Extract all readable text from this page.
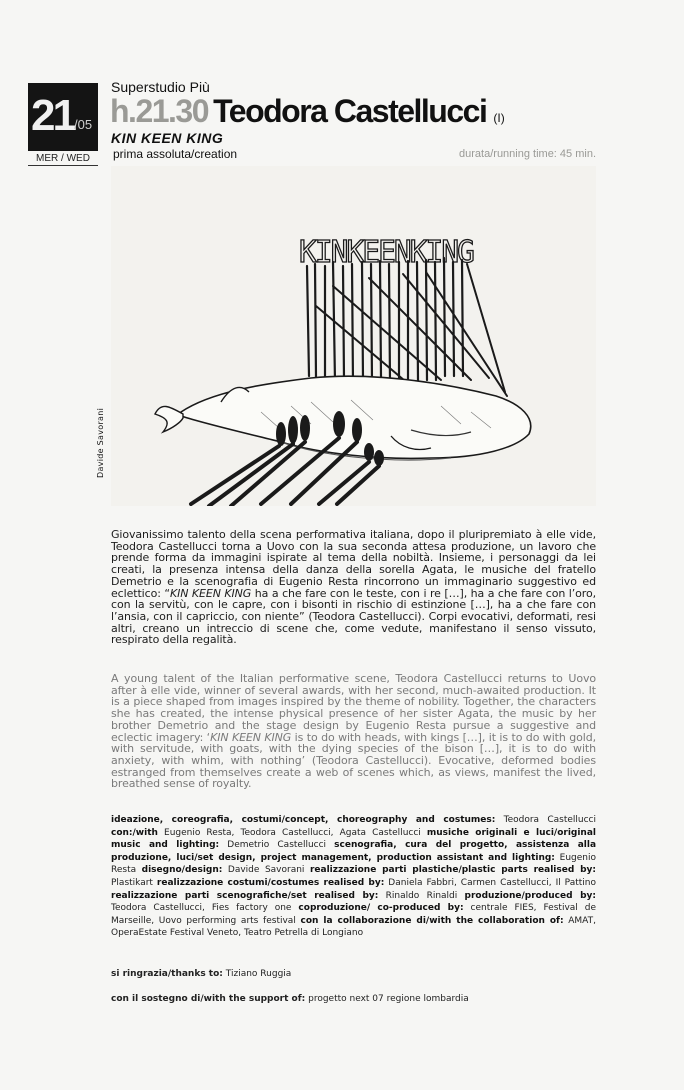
21 /05
MER / WED
Superstudio Più
h.21.30 Teodora Castellucci (I)
KIN KEEN KING
prima assoluta/creation	durata/running time: 45 min.
KINKEENKING
Davide Savorani

Giovanissimo talento della scena performativa italiana, dopo il pluripremiato à elle vide, Teodora Castellucci torna a Uovo con la sua seconda attesa produzione, un lavoro che prende forma da immagini ispirate al tema della nobiltà. Insieme, i personaggi da lei creati, la presenza intensa della danza della sorella Agata, le musiche del fratello Demetrio e la scenografia di Eugenio Resta rincorrono un immaginario suggestivo ed eclettico: “KIN KEEN KING ha a che fare con le teste, con i re […], ha a che fare con l’oro, con la servitù, con le capre, con i bisonti in rischio di estinzione […], ha a che fare con l’ansia, con il capriccio, con niente” (Teodora Castellucci). Corpi evocativi, deformati, resi altri, creano un intreccio di scene che, come vedute, manifestano il senso vissuto, respirato della regalità.

A young talent of the Italian performative scene, Teodora Castellucci returns to Uovo after à elle vide, winner of several awards, with her second, much-awaited production. It is a piece shaped from images inspired by the theme of nobility. Together, the characters she has created, the intense physical presence of her sister Agata, the music by her brother Demetrio and the stage design by Eugenio Resta pursue a suggestive and eclectic imagery: ‘KIN KEEN KING is to do with heads, with kings […], it is to do with gold, with servitude, with goats, with the dying species of the bison […], it is to do with anxiety, with whim, with nothing’ (Teodora Castellucci). Evocative, deformed bodies estranged from themselves create a web of scenes which, as views, manifest the lived, breathed sense of royalty.

ideazione, coreografia, costumi/concept, choreography and costumes: Teodora Castellucci con:/with Eugenio Resta, Teodora Castellucci, Agata Castellucci musiche originali e luci/original music and lighting: Demetrio Castellucci scenografia, cura del progetto, assistenza alla produzione, luci/set design, project management, production assistant and lighting: Eugenio Resta disegno/design: Davide Savorani realizzazione parti plastiche/plastic parts realised by: Plastikart realizzazione costumi/costumes realised by: Daniela Fabbri, Carmen Castellucci, Il Pattino realizzazione parti scenografiche/set realised by: Rinaldo Rinaldi produzione/produced by: Teodora Castellucci, Fies factory one coproduzione/ co-produced by: centrale FIES, Festival de Marseille, Uovo performing arts festival con la collaborazione di/with the collaboration of: AMAT, OperaEstate Festival Veneto, Teatro Petrella di Longiano

si ringrazia/thanks to: Tiziano Ruggia
con il sostegno di/with the support of: progetto next 07 regione lombardia
